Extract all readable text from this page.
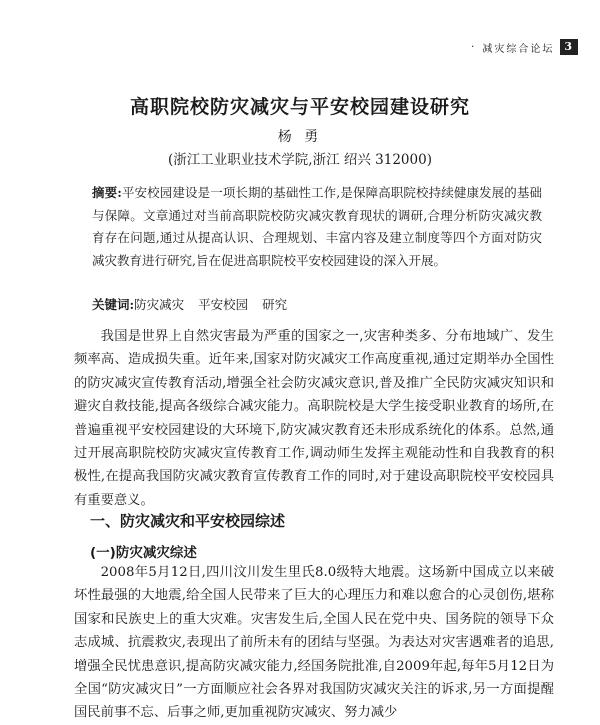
· 减灾综合论坛 3
高职院校防灾减灾与平安校园建设研究
杨 勇
(浙江工业职业技术学院,浙江 绍兴 312000)
摘要:平安校园建设是一项长期的基础性工作,是保障高职院校持续健康发展的基础与保障。文章通过对当前高职院校防灾减灾教育现状的调研,合理分析防灾减灾教育存在问题,通过从提高认识、合理规划、丰富内容及建立制度等四个方面对防灾减灾教育进行研究,旨在促进高职院校平安校园建设的深入开展。
关键词:防灾减灾 平安校园 研究
我国是世界上自然灾害最为严重的国家之一,灾害种类多、分布地域广、发生频率高、造成损失重。近年来,国家对防灾减灾工作高度重视,通过定期举办全国性的防灾减灾宣传教育活动,增强全社会防灾减灾意识,普及推广全民防灾减灾知识和避灾自救技能,提高各级综合减灾能力。高职院校是大学生接受职业教育的场所,在普遍重视平安校园建设的大环境下,防灾减灾教育还未形成系统化的体系。总然,通过开展高职院校防灾减灾宣传教育工作,调动师生发挥主观能动性和自我教育的积极性,在提高我国防灾减灾教育宣传教育工作的同时,对于建设高职院校平安校园具有重要意义。
一、防灾减灾和平安校园综述
(一)防灾减灾综述
2008年5月12日,四川汶川发生里氏8.0级特大地震。这场新中国成立以来破坏性最强的大地震,给全国人民带来了巨大的心理压力和难以愈合的心灵创伤,堪称国家和民族史上的重大灾难。灾害发生后,全国人民在党中央、国务院的领导下众志成城、抗震救灾,表现出了前所未有的团结与坚强。为表达对灾害遇难者的追思,增强全民忧患意识,提高防灾减灾能力,经国务院批准,自2009年起,每年5月12日为全国“防灾减灾日”一方面顺应社会各界对我国防灾减灾关注的诉求,另一方面提醒国民前事不忘、后事之师,更加重视防灾减灾、努力减少
